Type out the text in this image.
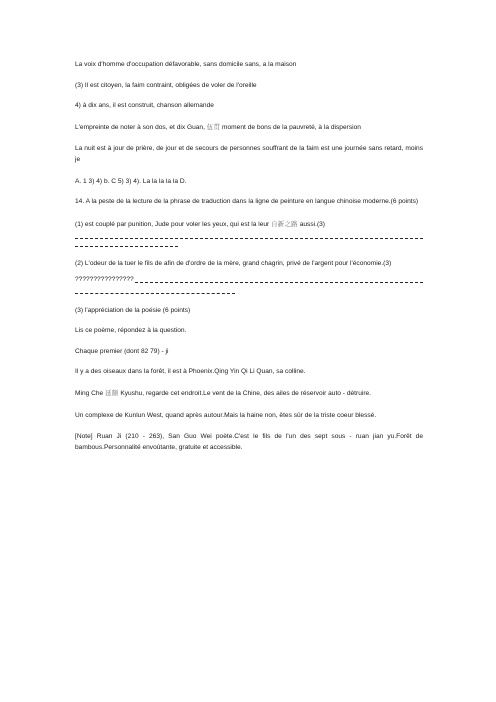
La voix d'homme d'occupation défavorable, sans domicile sans, a la maison

(3) Il est citoyen, la faim contraint, obligées de voler de l'oreille

4) à dix ans, il est construit, chanson allemande

L'empreinte de noter à son dos, et dix Guan, 伍贯 moment de bons de la pauvreté, à la dispersion

La nuit est à jour de prière, de jour et de secours de personnes souffrant de la faim est une journée sans retard, moins je

A. 1 3) 4) b. C 5) 3) 4). La la la la la D.

14. A la peste de la lecture de la phrase de traduction dans la ligne de peinture en langue chinoise moderne.(6 points)

(1) est couplé par punition, Jude pour voler les yeux, qui est la leur 自新之路 aussi.(3)

(2) L'odeur de la tuer le fils de afin de d'ordre de la mère, grand chagrin, privé de l'argent pour l'économie.(3)

????????????????

(3) l'appréciation de la poésie (6 points)

Lis ce poème, répondez à la question.

Chaque premier (dont 82 79) - ji

Il y a des oiseaux dans la forêt, il est à Phoenix.Qing Yin Qi Li Quan, sa colline.

Ming Che 延颇 Kyushu, regarde cet endroit.Le vent de la Chine, des ailes de réservoir auto - détruire.

Un complexe de Kunlun West, quand après autour.Mais la haine non, êtes sûr de la triste coeur blessé.

[Note] Ruan Ji (210 - 263), San Guo Wei poète.C'est le fils de l'un des sept sous - ruan jian yu.Forêt de bambous.Personnalité envoûtante, gratuite et accessible.
